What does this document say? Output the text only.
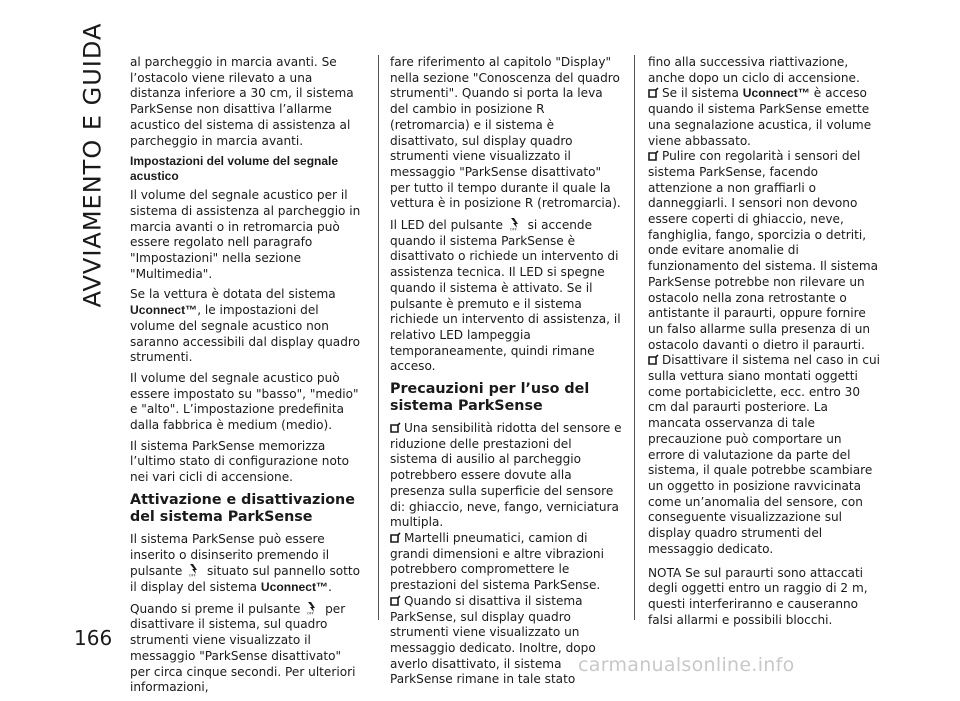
AVVIAMENTO E GUIDA
166

al parcheggio in marcia avanti. Se l’ostacolo viene rilevato a una distanza inferiore a 30 cm, il sistema ParkSense non disattiva l’allarme acustico del sistema di assistenza al parcheggio in marcia avanti.

Impostazioni del volume del segnale acustico

Il volume del segnale acustico per il sistema di assistenza al parcheggio in marcia avanti o in retromarcia può essere regolato nell paragrafo "Impostazioni" nella sezione "Multimedia".

Se la vettura è dotata del sistema
Uconnect™, le impostazioni del volume del segnale acustico non saranno accessibili dal display quadro strumenti.

Il volume del segnale acustico può essere impostato su "basso", "medio" e "alto". L’impostazione predefinita dalla fabbrica è medium (medio).

Il sistema ParkSense memorizza l’ultimo stato di configurazione noto nei vari cicli di accensione.

Attivazione e disattivazione del sistema ParkSense

Il sistema ParkSense può essere inserito o disinserito premendo il pulsante OFF situato sul pannello sotto il display del sistema Uconnect™.

Quando si preme il pulsante OFF per disattivare il sistema, sul quadro strumenti viene visualizzato il messaggio "ParkSense disattivato" per circa cinque secondi. Per ulteriori informazioni,

fare riferimento al capitolo "Display" nella sezione "Conoscenza del quadro strumenti". Quando si porta la leva del cambio in posizione R (retromarcia) e il sistema è disattivato, sul display quadro strumenti viene visualizzato il messaggio "ParkSense disattivato" per tutto il tempo durante il quale la vettura è in posizione R (retromarcia).

Il LED del pulsante OFF si accende quando il sistema ParkSense è disattivato o richiede un intervento di assistenza tecnica. Il LED si spegne quando il sistema è attivato. Se il pulsante è premuto e il sistema richiede un intervento di assistenza, il relativo LED lampeggia temporaneamente, quindi rimane acceso.

Precauzioni per l’uso del sistema ParkSense

Una sensibilità ridotta del sensore e riduzione delle prestazioni del sistema di ausilio al parcheggio potrebbero essere dovute alla presenza sulla superficie del sensore di: ghiaccio, neve, fango, verniciatura multipla.

Martelli pneumatici, camion di grandi dimensioni e altre vibrazioni potrebbero compromettere le prestazioni del sistema ParkSense.

Quando si disattiva il sistema ParkSense, sul display quadro strumenti viene visualizzato un messaggio dedicato. Inoltre, dopo averlo disattivato, il sistema ParkSense rimane in tale stato

fino alla successiva riattivazione, anche dopo un ciclo di accensione.

Se il sistema Uconnect™ è acceso quando il sistema ParkSense emette una segnalazione acustica, il volume viene abbassato.

Pulire con regolarità i sensori del sistema ParkSense, facendo attenzione a non graffiarli o danneggiarli. I sensori non devono essere coperti di ghiaccio, neve, fanghiglia, fango, sporcizia o detriti, onde evitare anomalie di funzionamento del sistema. Il sistema ParkSense potrebbe non rilevare un ostacolo nella zona retrostante o antistante il paraurti, oppure fornire un falso allarme sulla presenza di un ostacolo davanti o dietro il paraurti.

Disattivare il sistema nel caso in cui sulla vettura siano montati oggetti come portabiciclette, ecc. entro 30 cm dal paraurti posteriore. La mancata osservanza di tale precauzione può comportare un errore di valutazione da parte del sistema, il quale potrebbe scambiare un oggetto in posizione ravvicinata come un’anomalia del sensore, con conseguente visualizzazione sul display quadro strumenti del messaggio dedicato.

NOTA Se sul paraurti sono attaccati degli oggetti entro un raggio di 2 m, questi interferiranno e causeranno falsi allarmi e possibili blocchi.

carmanualsonline.info
